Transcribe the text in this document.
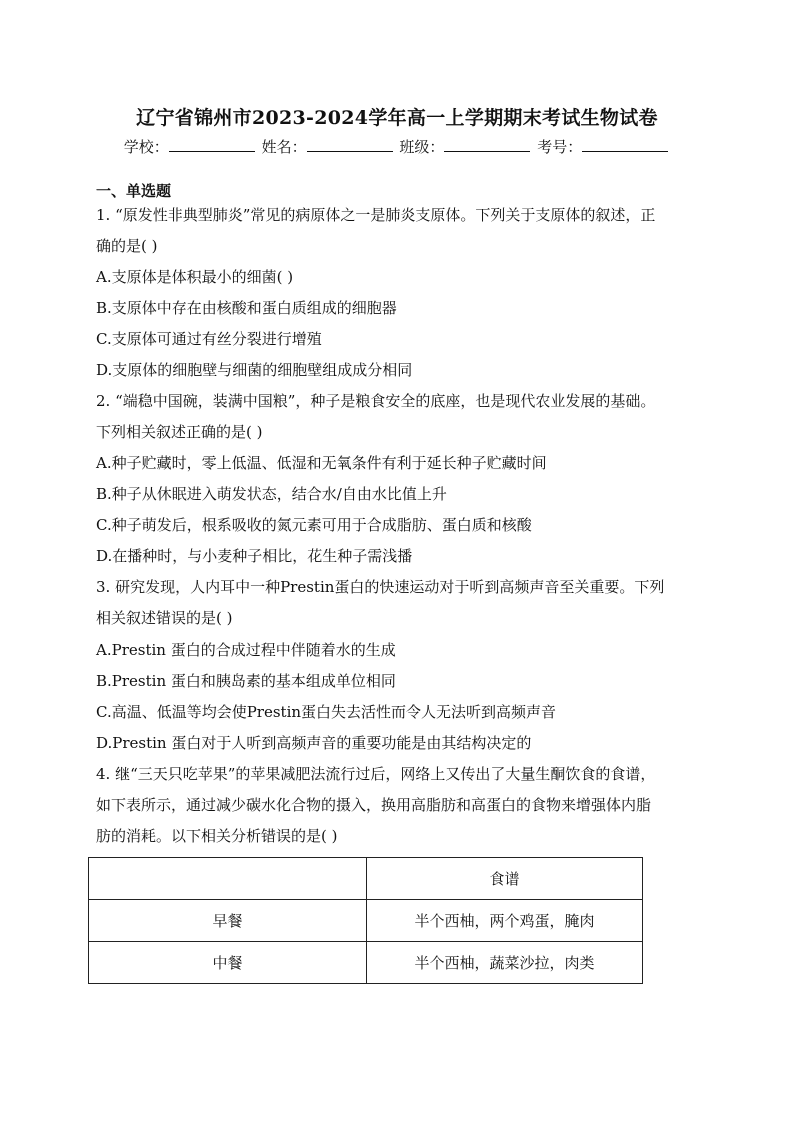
辽宁省锦州市2023-2024学年高一上学期期末考试生物试卷
学校：	姓名：	班级：	考号：
一、单选题
1. “原发性非典型肺炎”常见的病原体之一是肺炎支原体。下列关于支原体的叙述，正
确的是( )
A.支原体是体积最小的细菌( )
B.支原体中存在由核酸和蛋白质组成的细胞器
C.支原体可通过有丝分裂进行增殖
D.支原体的细胞壁与细菌的细胞壁组成成分相同
2. “端稳中国碗，装满中国粮”，种子是粮食安全的底座，也是现代农业发展的基础。
下列相关叙述正确的是( )
A.种子贮藏时，零上低温、低湿和无氧条件有利于延长种子贮藏时间
B.种子从休眠进入萌发状态，结合水/自由水比值上升
C.种子萌发后，根系吸收的氮元素可用于合成脂肪、蛋白质和核酸
D.在播种时，与小麦种子相比，花生种子需浅播
3. 研究发现，人内耳中一种Prestin蛋白的快速运动对于听到高频声音至关重要。下列
相关叙述错误的是( )
A.Prestin 蛋白的合成过程中伴随着水的生成
B.Prestin 蛋白和胰岛素的基本组成单位相同
C.高温、低温等均会使Prestin蛋白失去活性而令人无法听到高频声音
D.Prestin 蛋白对于人听到高频声音的重要功能是由其结构决定的
4. 继“三天只吃苹果”的苹果减肥法流行过后，网络上又传出了大量生酮饮食的食谱，
如下表所示，通过减少碳水化合物的摄入，换用高脂肪和高蛋白的食物来增强体内脂
肪的消耗。以下相关分析错误的是( )
	食谱
早餐	半个西柚，两个鸡蛋，腌肉
中餐	半个西柚，蔬菜沙拉，肉类
